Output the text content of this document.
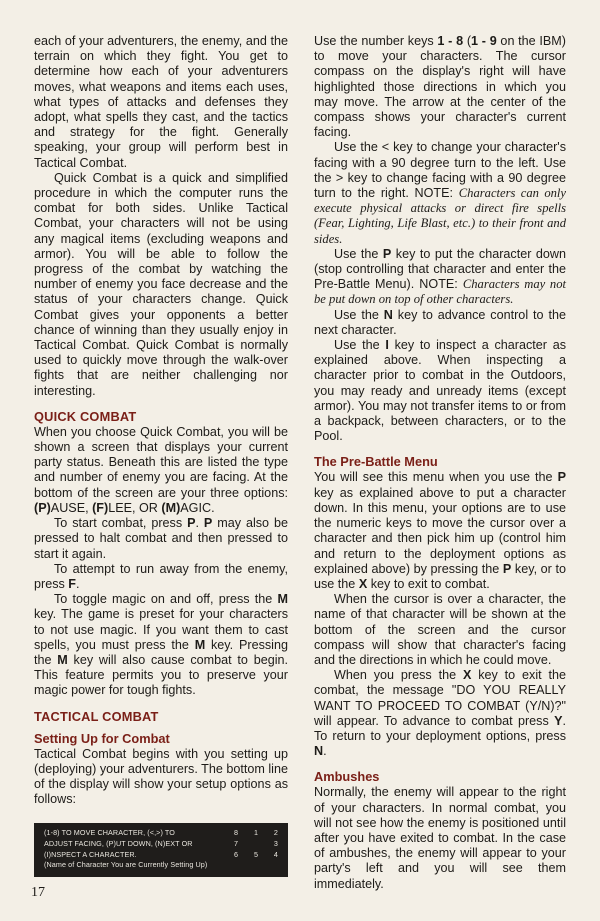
each of your adventurers, the enemy, and the terrain on which they fight. You get to determine how each of your adventurers moves, what weapons and items each uses, what types of attacks and defenses they adopt, what spells they cast, and the tactics and strategy for the fight. Generally speaking, your group will perform best in Tactical Combat.

Quick Combat is a quick and simplified procedure in which the computer runs the combat for both sides. Unlike Tactical Combat, your characters will not be using any magical items (excluding weapons and armor). You will be able to follow the progress of the combat by watching the number of enemy you face decrease and the status of your characters change. Quick Combat gives your opponents a better chance of winning than they usually enjoy in Tactical Combat. Quick Combat is normally used to quickly move through the walk-over fights that are neither challenging nor interesting.

QUICK COMBAT

When you choose Quick Combat, you will be shown a screen that displays your current party status. Beneath this are listed the type and number of enemy you are facing. At the bottom of the screen are your three options: (P)AUSE, (F)LEE, OR (M)AGIC.

To start combat, press P. P may also be pressed to halt combat and then pressed to start it again.

To attempt to run away from the enemy, press F.

To toggle magic on and off, press the M key. The game is preset for your characters to not use magic. If you want them to cast spells, you must press the M key. Pressing the M key will also cause combat to begin. This feature permits you to preserve your magic power for tough fights.

TACTICAL COMBAT
Setting Up for Combat

Tactical Combat begins with you setting up (deploying) your adventurers. The bottom line of the display will show your setup options as follows:

(1-8) TO MOVE CHARACTER, (<,>) TO	8 1 2
ADJUST FACING, (P)UT DOWN, (N)EXT OR	7	3
(I)NSPECT A CHARACTER.	6 5 4
(Name of Character You are Currently Setting Up)

Use the number keys 1 - 8 (1 - 9 on the IBM) to move your characters. The cursor compass on the display's right will have highlighted those directions in which you may move. The arrow at the center of the compass shows your character's current facing.

Use the < key to change your character's facing with a 90 degree turn to the left. Use the > key to change facing with a 90 degree turn to the right. NOTE: Characters can only execute physical attacks or direct fire spells (Fear, Lighting, Life Blast, etc.) to their front and sides.

Use the P key to put the character down (stop controlling that character and enter the Pre-Battle Menu). NOTE: Characters may not be put down on top of other characters.

Use the N key to advance control to the next character.

Use the I key to inspect a character as explained above. When inspecting a character prior to combat in the Outdoors, you may ready and unready items (except armor). You may not transfer items to or from a backpack, between characters, or to the Pool.

The Pre-Battle Menu

You will see this menu when you use the P key as explained above to put a character down. In this menu, your options are to use the numeric keys to move the cursor over a character and then pick him up (control him and return to the deployment options as explained above) by pressing the P key, or to use the X key to exit to combat.

When the cursor is over a character, the name of that character will be shown at the bottom of the screen and the cursor compass will show that character's facing and the directions in which he could move.

When you press the X key to exit the combat, the message "DO YOU REALLY WANT TO PROCEED TO COMBAT (Y/N)?" will appear. To advance to combat press Y. To return to your deployment options, press N.

Ambushes

Normally, the enemy will appear to the right of your characters. In normal combat, you will not see how the enemy is positioned until after you have exited to combat. In the case of ambushes, the enemy will appear to your party's left and you will see them immediately.

17
